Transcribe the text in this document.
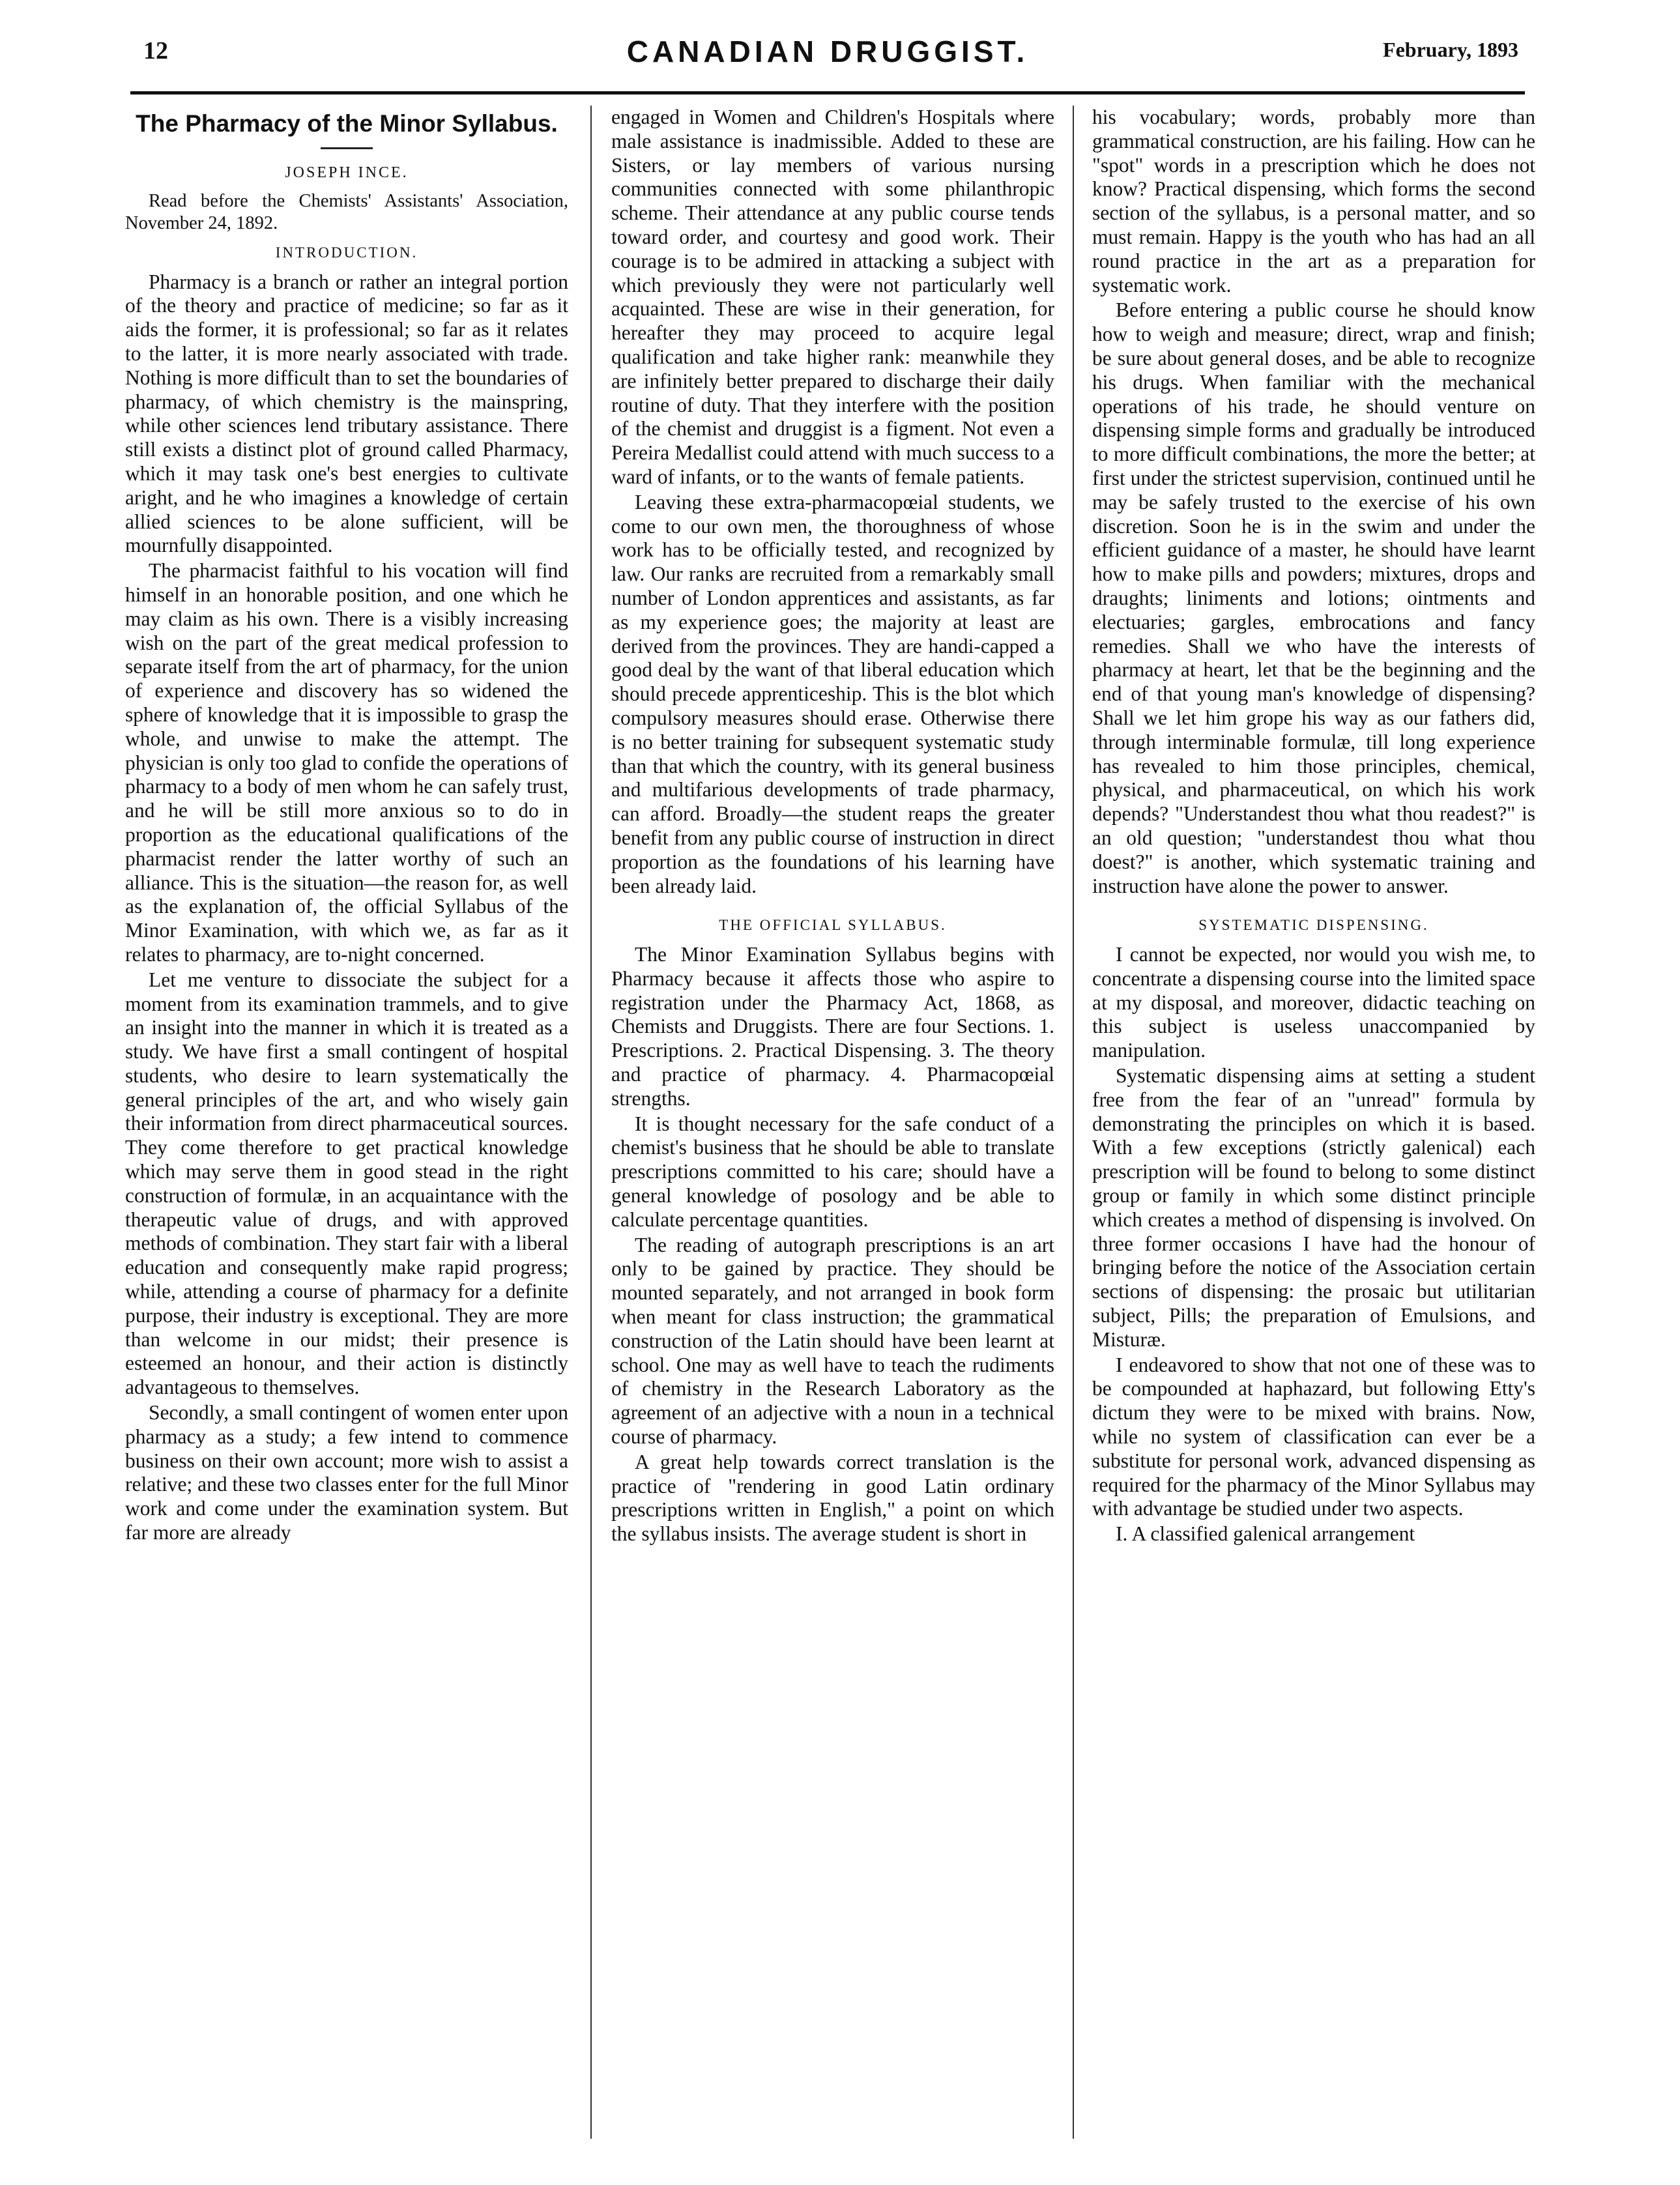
12	CANADIAN DRUGGIST.	February, 1893
The Pharmacy of the Minor Syllabus.
JOSEPH INCE.

Read before the Chemists' Assistants' Association, November 24, 1892.

INTRODUCTION.

Pharmacy is a branch or rather an integral portion of the theory and practice of medicine; so far as it aids the former, it is professional; so far as it relates to the latter, it is more nearly associated with trade. Nothing is more difficult than to set the boundaries of pharmacy, of which chemistry is the mainspring, while other sciences lend tributary assistance. There still exists a distinct plot of ground called Pharmacy, which it may task one's best energies to cultivate aright, and he who imagines a knowledge of certain allied sciences to be alone sufficient, will be mournfully disappointed.

The pharmacist faithful to his vocation will find himself in an honorable position, and one which he may claim as his own. There is a visibly increasing wish on the part of the great medical profession to separate itself from the art of pharmacy, for the union of experience and discovery has so widened the sphere of knowledge that it is impossible to grasp the whole, and unwise to make the attempt. The physician is only too glad to confide the operations of pharmacy to a body of men whom he can safely trust, and he will be still more anxious so to do in proportion as the educational qualifications of the pharmacist render the latter worthy of such an alliance. This is the situation—the reason for, as well as the explanation of, the official Syllabus of the Minor Examination, with which we, as far as it relates to pharmacy, are to-night concerned.

Let me venture to dissociate the subject for a moment from its examination trammels, and to give an insight into the manner in which it is treated as a study. We have first a small contingent of hospital students, who desire to learn systematically the general principles of the art, and who wisely gain their information from direct pharmaceutical sources. They come therefore to get practical knowledge which may serve them in good stead in the right construction of formulæ, in an acquaintance with the therapeutic value of drugs, and with approved methods of combination. They start fair with a liberal education and consequently make rapid progress; while, attending a course of pharmacy for a definite purpose, their industry is exceptional. They are more than welcome in our midst; their presence is esteemed an honour, and their action is distinctly advantageous to themselves.

Secondly, a small contingent of women enter upon pharmacy as a study; a few intend to commence business on their own account; more wish to assist a relative; and these two classes enter for the full Minor work and come under the examination system. But far more are already

engaged in Women and Children's Hospitals where male assistance is inadmissible. Added to these are Sisters, or lay members of various nursing communities connected with some philanthropic scheme. Their attendance at any public course tends toward order, and courtesy and good work. Their courage is to be admired in attacking a subject with which previously they were not particularly well acquainted. These are wise in their generation, for hereafter they may proceed to acquire legal qualification and take higher rank: meanwhile they are infinitely better prepared to discharge their daily routine of duty. That they interfere with the position of the chemist and druggist is a figment. Not even a Pereira Medallist could attend with much success to a ward of infants, or to the wants of female patients.

Leaving these extra-pharmacopœial students, we come to our own men, the thoroughness of whose work has to be officially tested, and recognized by law. Our ranks are recruited from a remarkably small number of London apprentices and assistants, as far as my experience goes; the majority at least are derived from the provinces. They are handi-capped a good deal by the want of that liberal education which should precede apprenticeship. This is the blot which compulsory measures should erase. Otherwise there is no better training for subsequent systematic study than that which the country, with its general business and multifarious developments of trade pharmacy, can afford. Broadly—the student reaps the greater benefit from any public course of instruction in direct proportion as the foundations of his learning have been already laid.

THE OFFICIAL SYLLABUS.

The Minor Examination Syllabus begins with Pharmacy because it affects those who aspire to registration under the Pharmacy Act, 1868, as Chemists and Druggists. There are four Sections. 1. Prescriptions. 2. Practical Dispensing. 3. The theory and practice of pharmacy. 4. Pharmacopœial strengths.

It is thought necessary for the safe conduct of a chemist's business that he should be able to translate prescriptions committed to his care; should have a general knowledge of posology and be able to calculate percentage quantities.

The reading of autograph prescriptions is an art only to be gained by practice. They should be mounted separately, and not arranged in book form when meant for class instruction; the grammatical construction of the Latin should have been learnt at school. One may as well have to teach the rudiments of chemistry in the Research Laboratory as the agreement of an adjective with a noun in a technical course of pharmacy.

A great help towards correct translation is the practice of "rendering in good Latin ordinary prescriptions written in English," a point on which the syllabus insists. The average student is short in

his vocabulary; words, probably more than grammatical construction, are his failing. How can he "spot" words in a prescription which he does not know? Practical dispensing, which forms the second section of the syllabus, is a personal matter, and so must remain. Happy is the youth who has had an all round practice in the art as a preparation for systematic work.

Before entering a public course he should know how to weigh and measure; direct, wrap and finish; be sure about general doses, and be able to recognize his drugs. When familiar with the mechanical operations of his trade, he should venture on dispensing simple forms and gradually be introduced to more difficult combinations, the more the better; at first under the strictest supervision, continued until he may be safely trusted to the exercise of his own discretion. Soon he is in the swim and under the efficient guidance of a master, he should have learnt how to make pills and powders; mixtures, drops and draughts; liniments and lotions; ointments and electuaries; gargles, embrocations and fancy remedies. Shall we who have the interests of pharmacy at heart, let that be the beginning and the end of that young man's knowledge of dispensing? Shall we let him grope his way as our fathers did, through interminable formulæ, till long experience has revealed to him those principles, chemical, physical, and pharmaceutical, on which his work depends? "Understandest thou what thou readest?" is an old question; "understandest thou what thou doest?" is another, which systematic training and instruction have alone the power to answer.

SYSTEMATIC DISPENSING.

I cannot be expected, nor would you wish me, to concentrate a dispensing course into the limited space at my disposal, and moreover, didactic teaching on this subject is useless unaccompanied by manipulation.

Systematic dispensing aims at setting a student free from the fear of an "unread" formula by demonstrating the principles on which it is based. With a few exceptions (strictly galenical) each prescription will be found to belong to some distinct group or family in which some distinct principle which creates a method of dispensing is involved. On three former occasions I have had the honour of bringing before the notice of the Association certain sections of dispensing: the prosaic but utilitarian subject, Pills; the preparation of Emulsions, and Misturæ.

I endeavored to show that not one of these was to be compounded at haphazard, but following Etty's dictum they were to be mixed with brains. Now, while no system of classification can ever be a substitute for personal work, advanced dispensing as required for the pharmacy of the Minor Syllabus may with advantage be studied under two aspects.

I. A classified galenical arrangement
